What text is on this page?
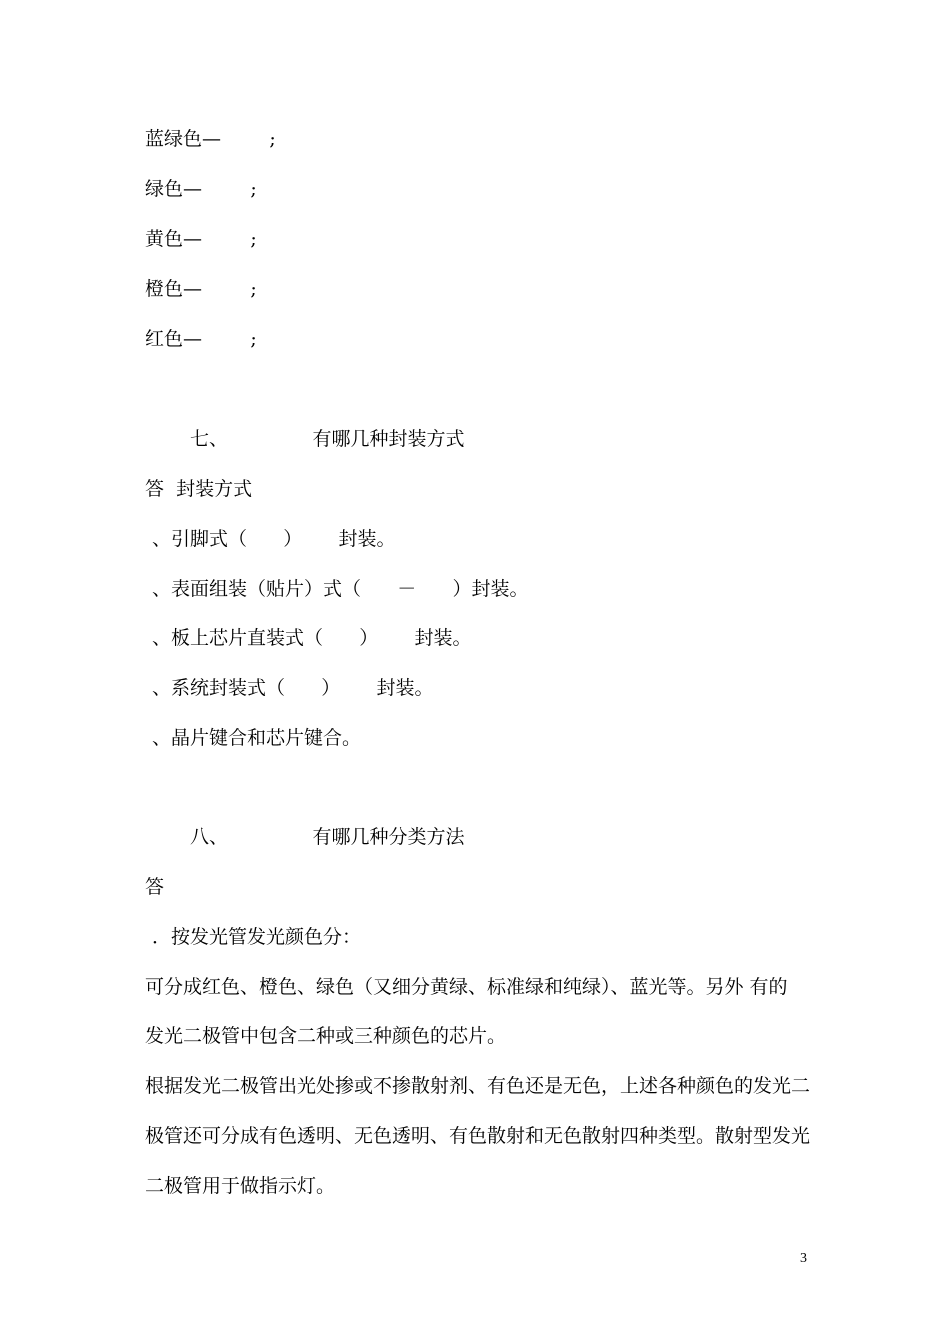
蓝绿色—        ;
绿色—        ;
黄色—        ;
橙色—        ;
红色—        ;
七、              有哪几种封装方式
答  封装方式
、引脚式（      ）      封装。
、表面组装（贴片）式（      －      ）封装。
、板上芯片直装式（      ）      封装。
、系统封装式（      ）      封装。
、晶片键合和芯片键合。
八、              有哪几种分类方法
答
．按发光管发光颜色分：
可分成红色、橙色、绿色（又细分黄绿、标准绿和纯绿）、蓝光等。另外 有的
发光二极管中包含二种或三种颜色的芯片。
根据发光二极管出光处掺或不掺散射剂、有色还是无色，上述各种颜色的发光二
极管还可分成有色透明、无色透明、有色散射和无色散射四种类型。散射型发光
二极管用于做指示灯。
3
